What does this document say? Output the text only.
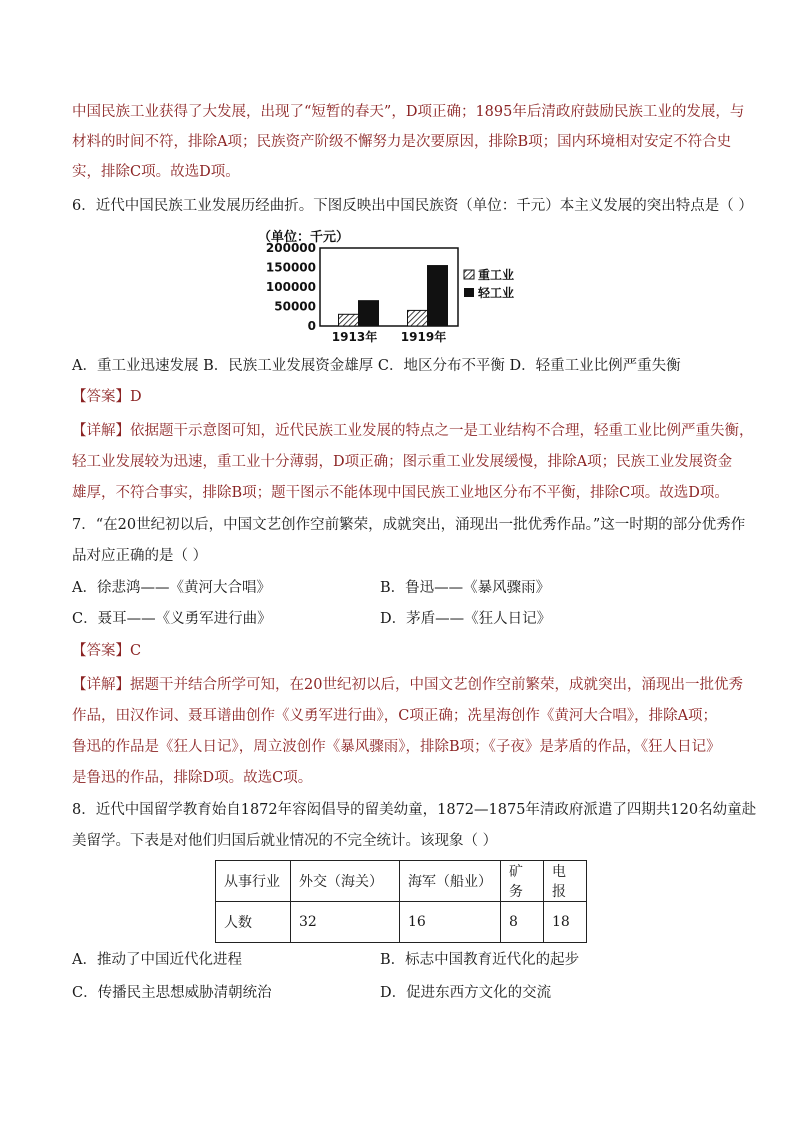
中国民族工业获得了大发展，出现了“短暂的春天”，D项正确；1895年后清政府鼓励民族工业的发展，与
材料的时间不符，排除A项；民族资产阶级不懈努力是次要原因，排除B项；国内环境相对安定不符合史
实，排除C项。故选D项。
6．近代中国民族工业发展历经曲折。下图反映出中国民族资（单位：千元）本主义发展的突出特点是（ ）
（单位：千元）
200000
150000
100000
50000
0
1913年 1919年
重工业
轻工业
A．重工业迅速发展 B．民族工业发展资金雄厚 C．地区分布不平衡 D．轻重工业比例严重失衡
【答案】D
【详解】依据题干示意图可知，近代民族工业发展的特点之一是工业结构不合理，轻重工业比例严重失衡，
轻工业发展较为迅速，重工业十分薄弱，D项正确；图示重工业发展缓慢，排除A项；民族工业发展资金
雄厚，不符合事实，排除B项；题干图示不能体现中国民族工业地区分布不平衡，排除C项。故选D项。
7．“在20世纪初以后，中国文艺创作空前繁荣，成就突出，涌现出一批优秀作品。”这一时期的部分优秀作
品对应正确的是（ ）
A．徐悲鸿——《黄河大合唱》	B．鲁迅——《暴风骤雨》
C．聂耳——《义勇军进行曲》	D．茅盾——《狂人日记》
【答案】C
【详解】据题干并结合所学可知，在20世纪初以后，中国文艺创作空前繁荣，成就突出，涌现出一批优秀
作品，田汉作词、聂耳谱曲创作《义勇军进行曲》，C项正确；冼星海创作《黄河大合唱》，排除A项；
鲁迅的作品是《狂人日记》，周立波创作《暴风骤雨》，排除B项；《子夜》是茅盾的作品，《狂人日记》
是鲁迅的作品，排除D项。故选C项。
8．近代中国留学教育始自1872年容闳倡导的留美幼童，1872—1875年清政府派遣了四期共120名幼童赴
美留学。下表是对他们归国后就业情况的不完全统计。该现象（ ）
从事行业	外交（海关）	海军（船业）	矿务	电报
人数	32	16	8	18
A．推动了中国近代化进程	B．标志中国教育近代化的起步
C．传播民主思想威胁清朝统治	D．促进东西方文化的交流
